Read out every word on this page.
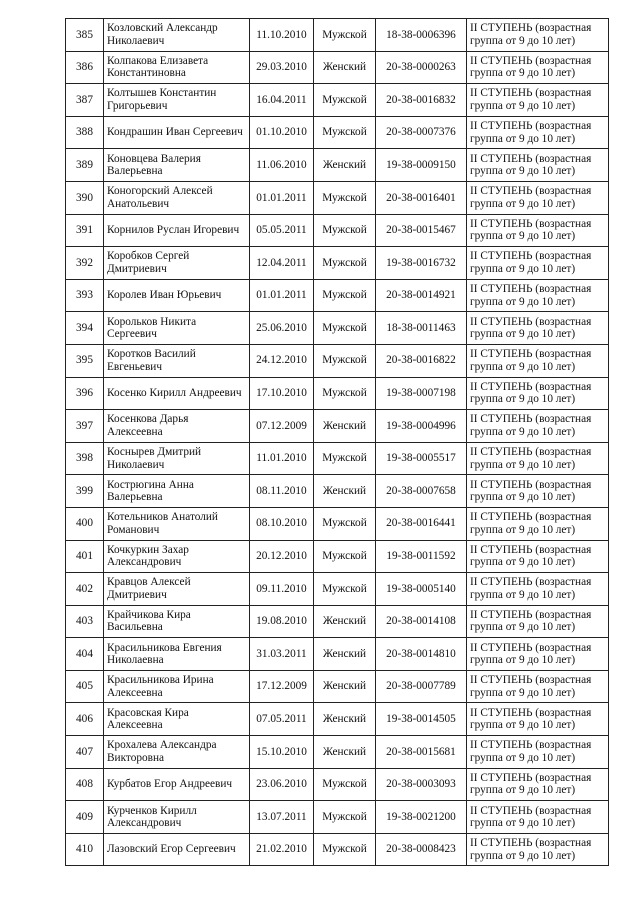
385	Козловский Александр Николаевич	11.10.2010	Мужской	18-38-0006396	II СТУПЕНЬ (возрастная группа от 9 до 10 лет)
386	Колпакова Елизавета Константиновна	29.03.2010	Женский	20-38-0000263	II СТУПЕНЬ (возрастная группа от 9 до 10 лет)
387	Колтышев Константин Григорьевич	16.04.2011	Мужской	20-38-0016832	II СТУПЕНЬ (возрастная группа от 9 до 10 лет)
388	Кондрашин Иван Сергеевич	01.10.2010	Мужской	20-38-0007376	II СТУПЕНЬ (возрастная группа от 9 до 10 лет)
389	Коновцева Валерия Валерьевна	11.06.2010	Женский	19-38-0009150	II СТУПЕНЬ (возрастная группа от 9 до 10 лет)
390	Коногорский Алексей Анатольевич	01.01.2011	Мужской	20-38-0016401	II СТУПЕНЬ (возрастная группа от 9 до 10 лет)
391	Корнилов Руслан Игоревич	05.05.2011	Мужской	20-38-0015467	II СТУПЕНЬ (возрастная группа от 9 до 10 лет)
392	Коробков Сергей Дмитриевич	12.04.2011	Мужской	19-38-0016732	II СТУПЕНЬ (возрастная группа от 9 до 10 лет)
393	Королев Иван Юрьевич	01.01.2011	Мужской	20-38-0014921	II СТУПЕНЬ (возрастная группа от 9 до 10 лет)
394	Корольков Никита Сергеевич	25.06.2010	Мужской	18-38-0011463	II СТУПЕНЬ (возрастная группа от 9 до 10 лет)
395	Коротков Василий Евгеньевич	24.12.2010	Мужской	20-38-0016822	II СТУПЕНЬ (возрастная группа от 9 до 10 лет)
396	Косенко Кирилл Андреевич	17.10.2010	Мужской	19-38-0007198	II СТУПЕНЬ (возрастная группа от 9 до 10 лет)
397	Косенкова Дарья Алексеевна	07.12.2009	Женский	19-38-0004996	II СТУПЕНЬ (возрастная группа от 9 до 10 лет)
398	Коснырев Дмитрий Николаевич	11.01.2010	Мужской	19-38-0005517	II СТУПЕНЬ (возрастная группа от 9 до 10 лет)
399	Кострюгина Анна Валерьевна	08.11.2010	Женский	20-38-0007658	II СТУПЕНЬ (возрастная группа от 9 до 10 лет)
400	Котельников Анатолий Романович	08.10.2010	Мужской	20-38-0016441	II СТУПЕНЬ (возрастная группа от 9 до 10 лет)
401	Кочкуркин Захар Александрович	20.12.2010	Мужской	19-38-0011592	II СТУПЕНЬ (возрастная группа от 9 до 10 лет)
402	Кравцов Алексей Дмитриевич	09.11.2010	Мужской	19-38-0005140	II СТУПЕНЬ (возрастная группа от 9 до 10 лет)
403	Крайчикова Кира Васильевна	19.08.2010	Женский	20-38-0014108	II СТУПЕНЬ (возрастная группа от 9 до 10 лет)
404	Красильникова Евгения Николаевна	31.03.2011	Женский	20-38-0014810	II СТУПЕНЬ (возрастная группа от 9 до 10 лет)
405	Красильникова Ирина Алексеевна	17.12.2009	Женский	20-38-0007789	II СТУПЕНЬ (возрастная группа от 9 до 10 лет)
406	Красовская Кира Алексеевна	07.05.2011	Женский	19-38-0014505	II СТУПЕНЬ (возрастная группа от 9 до 10 лет)
407	Крохалева Александра Викторовна	15.10.2010	Женский	20-38-0015681	II СТУПЕНЬ (возрастная группа от 9 до 10 лет)
408	Курбатов Егор Андреевич	23.06.2010	Мужской	20-38-0003093	II СТУПЕНЬ (возрастная группа от 9 до 10 лет)
409	Курченков Кирилл Александрович	13.07.2011	Мужской	19-38-0021200	II СТУПЕНЬ (возрастная группа от 9 до 10 лет)
410	Лазовский Егор Сергеевич	21.02.2010	Мужской	20-38-0008423	II СТУПЕНЬ (возрастная группа от 9 до 10 лет)
